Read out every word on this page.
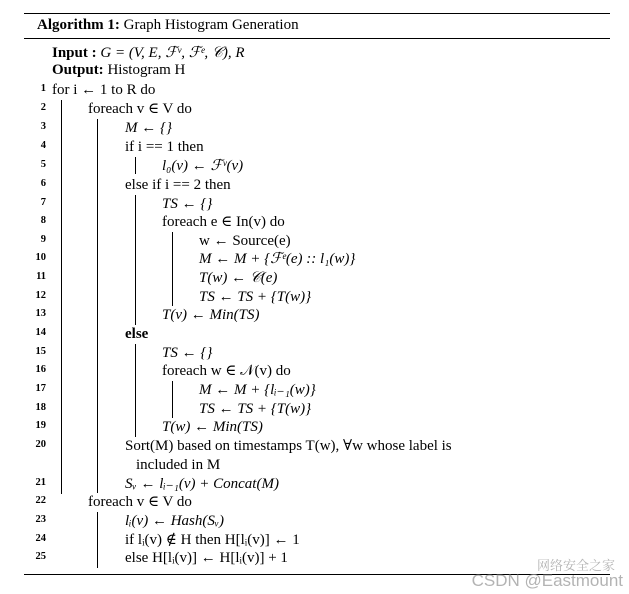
Algorithm 1: Graph Histogram Generation
Input : G = (V, E, ℱᵛ, ℱᵉ, 𝒞), R
Output: Histogram H
1 for i ← 1 to R do
2	foreach v ∈ V do
3	M ← {}
4	if i == 1 then
5	l₀(v) ← ℱᵛ(v)
6	else if i == 2 then
7	TS ← {}
8	foreach e ∈ In(v) do
9	w ← Source(e)
10	M ← M + {ℱᵉ(e) :: l₁(w)}
11	T(w) ← 𝒞(e)
12	TS ← TS + {T(w)}
13	T(v) ← Min(TS)
14	else
15	TS ← {}
16	foreach w ∈ 𝒩(v) do
17	M ← M + {lᵢ₋₁(w)}
18	TS ← TS + {T(w)}
19	T(w) ← Min(TS)
20	Sort(M) based on timestamps T(w), ∀w whose label is
included in M
21	Sᵥ ← lᵢ₋₁(v) + Concat(M)
22	foreach v ∈ V do
23	lᵢ(v) ← Hash(Sᵥ)
24	if lᵢ(v) ∉ H then H[lᵢ(v)] ← 1
25	else H[lᵢ(v)] ← H[lᵢ(v)] + 1	网络安全之家
CSDN @Eastmount
